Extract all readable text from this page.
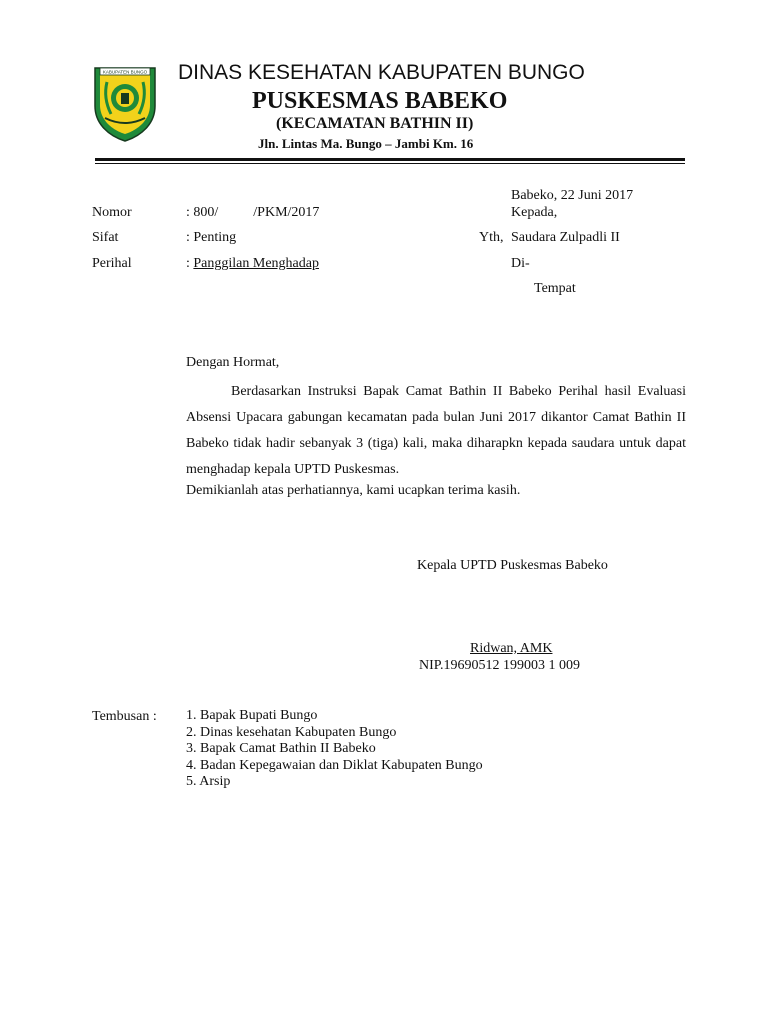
KABUPATEN BUNGO DINAS KESEHATAN KABUPATEN BUNGO
PUSKESMAS BABEKO
(KECAMATAN BATHIN II)
Jln. Lintas Ma. Bungo – Jambi Km. 16
Babeko, 22 Juni 2017
Kepada,
Yth, Saudara Zulpadli II
Di-
Tempat
Nomor	: 800/          /PKM/2017
Sifat	: Penting
Perihal	: Panggilan Menghadap
Dengan Hormat,
Berdasarkan Instruksi Bapak Camat Bathin II Babeko Perihal hasil Evaluasi Absensi Upacara gabungan kecamatan pada bulan Juni 2017 dikantor Camat Bathin II Babeko tidak hadir sebanyak 3 (tiga) kali, maka diharapkn kepada saudara untuk dapat menghadap kepala UPTD Puskesmas.
Demikianlah atas perhatiannya, kami ucapkan terima kasih.
Kepala UPTD Puskesmas Babeko
Ridwan, AMK
NIP.19690512 199003 1 009
Tembusan : 1. Bapak Bupati Bungo
2. Dinas kesehatan Kabupaten Bungo
3. Bapak Camat Bathin II Babeko
4. Badan Kepegawaian dan Diklat Kabupaten Bungo
5. Arsip
